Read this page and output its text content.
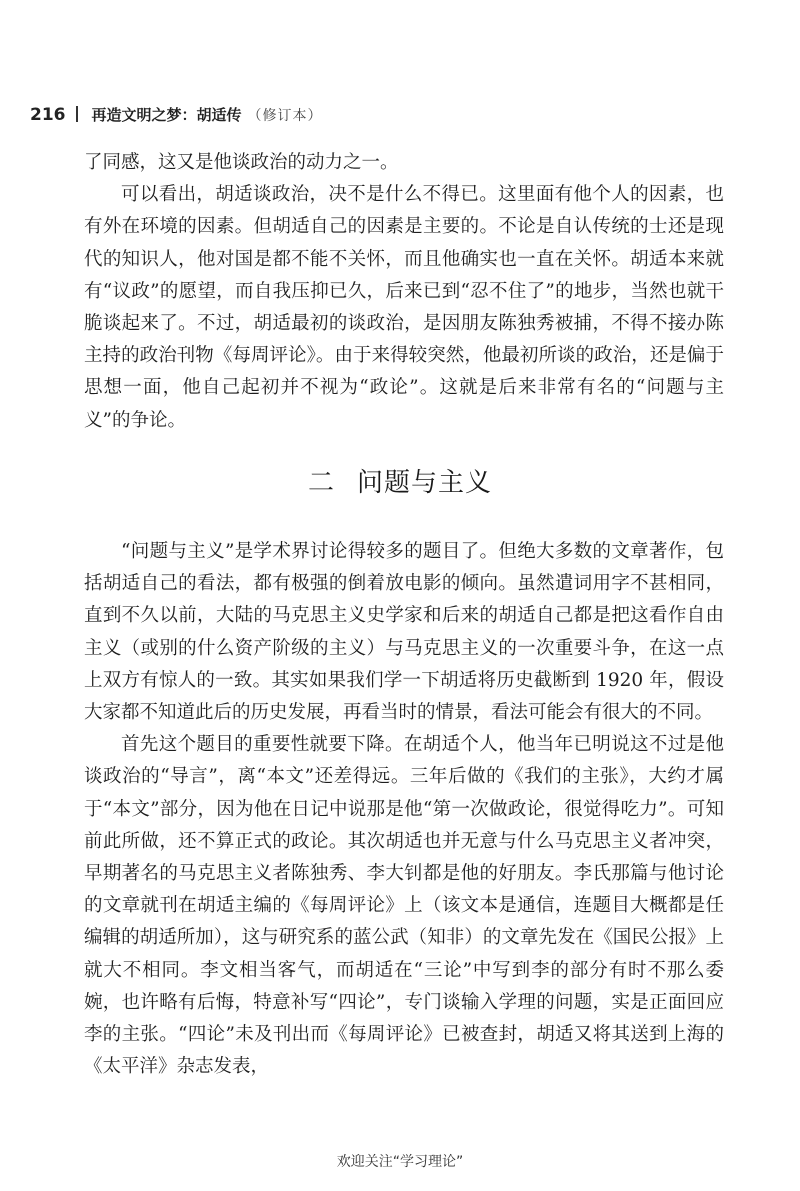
216 再造文明之梦：胡适传 （修订本）

了同感，这又是他谈政治的动力之一。

可以看出，胡适谈政治，决不是什么不得已。这里面有他个人的因素，也有外在环境的因素。但胡适自己的因素是主要的。不论是自认传统的士还是现代的知识人，他对国是都不能不关怀，而且他确实也一直在关怀。胡适本来就有“议政”的愿望，而自我压抑已久，后来已到“忍不住了”的地步，当然也就干脆谈起来了。不过，胡适最初的谈政治，是因朋友陈独秀被捕，不得不接办陈主持的政治刊物《每周评论》。由于来得较突然，他最初所谈的政治，还是偏于思想一面，他自己起初并不视为“政论”。这就是后来非常有名的“问题与主义”的争论。

二 问题与主义

“问题与主义”是学术界讨论得较多的题目了。但绝大多数的文章著作，包括胡适自己的看法，都有极强的倒着放电影的倾向。虽然遣词用字不甚相同，直到不久以前，大陆的马克思主义史学家和后来的胡适自己都是把这看作自由主义（或别的什么资产阶级的主义）与马克思主义的一次重要斗争，在这一点上双方有惊人的一致。其实如果我们学一下胡适将历史截断到 1920 年，假设大家都不知道此后的历史发展，再看当时的情景，看法可能会有很大的不同。

首先这个题目的重要性就要下降。在胡适个人，他当年已明说这不过是他谈政治的“导言”，离“本文”还差得远。三年后做的《我们的主张》，大约才属于“本文”部分，因为他在日记中说那是他“第一次做政论，很觉得吃力”。可知前此所做，还不算正式的政论。其次胡适也并无意与什么马克思主义者冲突，早期著名的马克思主义者陈独秀、李大钊都是他的好朋友。李氏那篇与他讨论的文章就刊在胡适主编的《每周评论》上（该文本是通信，连题目大概都是任编辑的胡适所加），这与研究系的蓝公武（知非）的文章先发在《国民公报》上就大不相同。李文相当客气，而胡适在“三论”中写到李的部分有时不那么委婉，也许略有后悔，特意补写“四论”，专门谈输入学理的问题，实是正面回应李的主张。“四论”未及刊出而《每周评论》已被查封，胡适又将其送到上海的《太平洋》杂志发表，

欢迎关注“学习理论”
